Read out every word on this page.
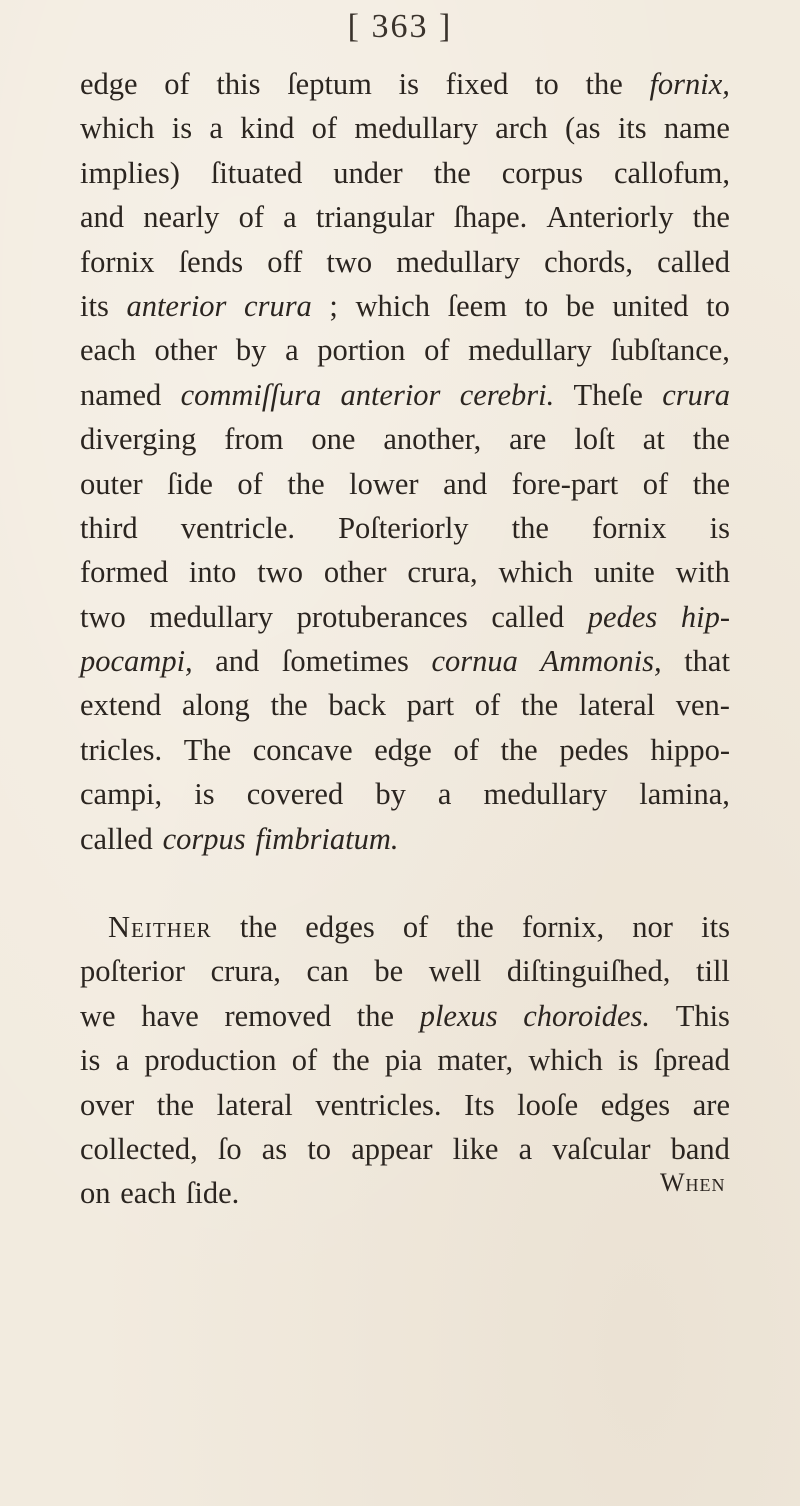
[ 363 ]
edge of this ſeptum is fixed to the fornix,
which is a kind of medullary arch (as its name
implies) ſituated under the corpus callofum,
and nearly of a triangular ſhape. Anteriorly the
fornix ſends off two medullary chords, called
its anterior crura ; which ſeem to be united to
each other by a portion of medullary ſubſtance,
named commiſſura anterior cerebri. Theſe crura
diverging from one another, are loſt at the
outer ſide of the lower and fore-part of the
third ventricle. Poſteriorly the fornix is
formed into two other crura, which unite with
two medullary protuberances called pedes hip-
pocampi, and ſometimes cornua Ammonis, that
extend along the back part of the lateral ven-
tricles. The concave edge of the pedes hippo-
campi, is covered by a medullary lamina,
called corpus fimbriatum.
Neither the edges of the fornix, nor its
poſterior crura, can be well diſtinguiſhed, till
we have removed the plexus choroides. This
is a production of the pia mater, which is ſpread
over the lateral ventricles. Its looſe edges are
collected, ſo as to appear like a vaſcular band
on each ſide.	When
